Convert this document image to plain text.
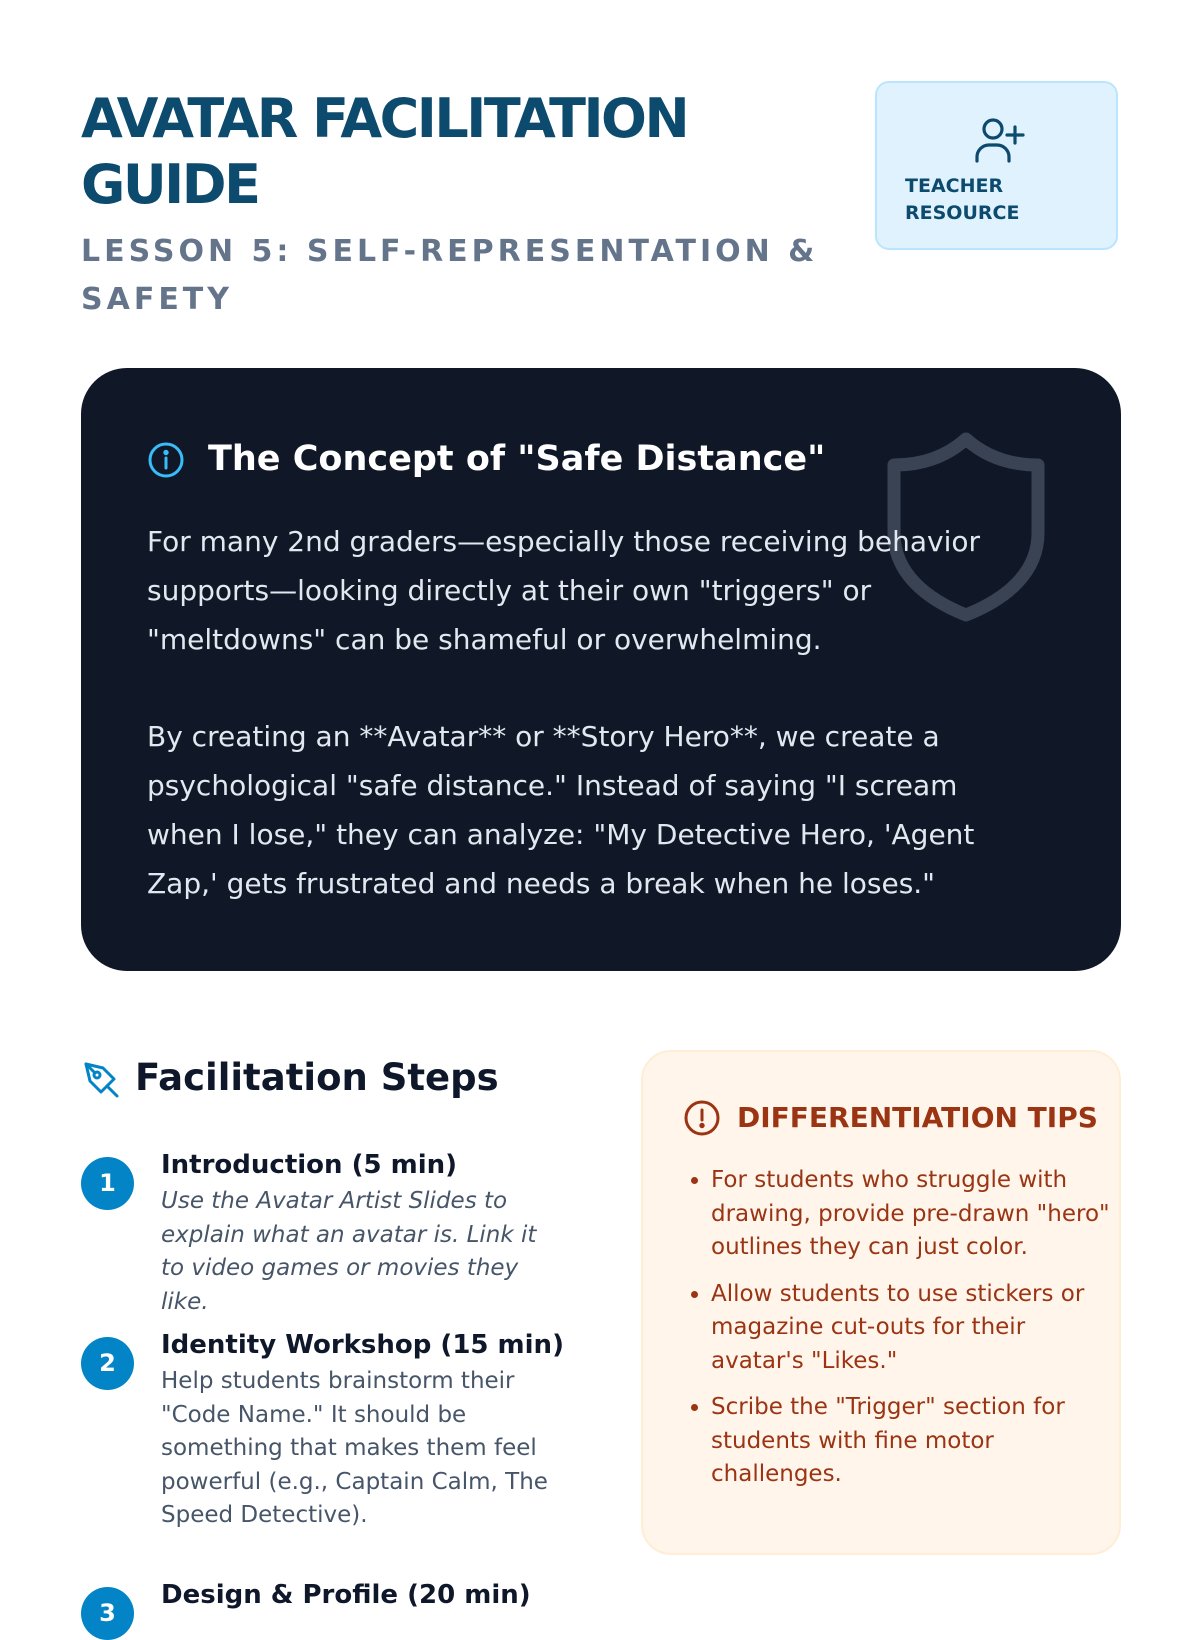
AVATAR FACILITATION GUIDE

LESSON 5: SELF-REPRESENTATION & SAFETY

TEACHER RESOURCE
The Concept of "Safe Distance"

For many 2nd graders—especially those receiving behavior supports—looking directly at their own "triggers" or "meltdowns" can be shameful or overwhelming.

By creating an **Avatar** or **Story Hero**, we create a psychological "safe distance." Instead of saying "I scream when I lose," they can analyze: "My Detective Hero, 'Agent Zap,' gets frustrated and needs a break when he loses."

Facilitation Steps
1
Introduction (5 min)

Use the Avatar Artist Slides to explain what an avatar is. Link it to video games or movies they like.

2
Identity Workshop (15 min)

Help students brainstorm their "Code Name." It should be something that makes them feel powerful (e.g., Captain Calm, The Speed Detective).

3
Design & Profile (20 min)
DIFFERENTIATION TIPS
• For students who struggle with drawing, provide pre-drawn "hero" outlines they can just color.
• Allow students to use stickers or magazine cut-outs for their avatar's "Likes."
• Scribe the "Trigger" section for students with fine motor challenges.
